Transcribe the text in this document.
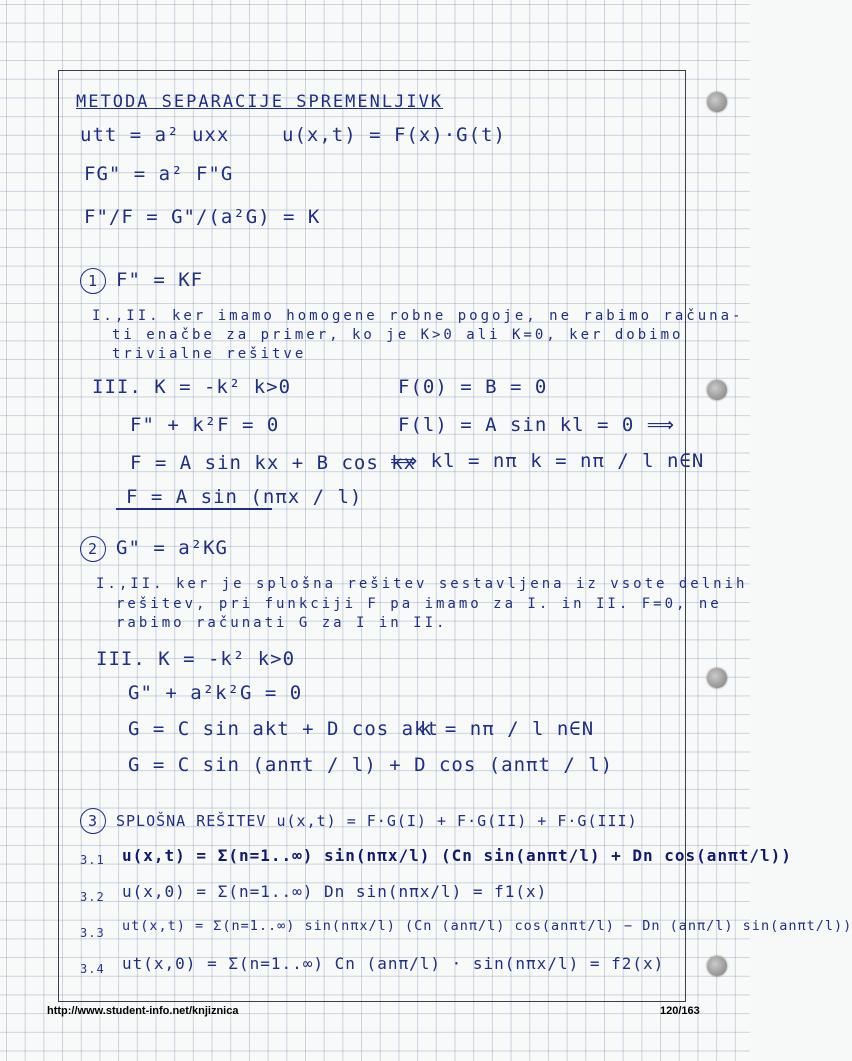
METODA SEPARACIJE SPREMENLJIVK
utt = a² uxx	u(x,t) = F(x)·G(t)
FG" = a² F"G
F"/F = G"/(a²G) = K
1 F" = KF
I.,II. ker imamo homogene robne pogoje, ne rabimo računa-
ti enačbe za primer, ko je K>0 ali K=0, ker dobimo
trivialne rešitve
III. K = -k² k>0
F" + k²F = 0
F = A sin kx + B cos kx
F = A sin (nπx / l)
F(0) = B = 0
F(l) = A sin kl = 0 ⟹
⟹ kl = nπ k = nπ / l n∈N
2 G" = a²KG
I.,II. ker je splošna rešitev sestavljena iz vsote delnih
rešitev, pri funkciji F pa imamo za I. in II. F=0, ne
rabimo računati G za I in II.
III. K = -k² k>0
G" + a²k²G = 0
G = C sin akt + D cos akt
k = nπ / l n∈N
G = C sin (anπt / l) + D cos (anπt / l)
3 SPLOŠNA REŠITEV u(x,t) = F·G(I) + F·G(II) + F·G(III)
3.1 u(x,t) = Σ(n=1..∞) sin(nπx/l) (Cn sin(anπt/l) + Dn cos(anπt/l))
3.2 u(x,0) = Σ(n=1..∞) Dn sin(nπx/l) = f1(x)
3.3 ut(x,t) = Σ(n=1..∞) sin(nπx/l) (Cn (anπ/l) cos(anπt/l) − Dn (anπ/l) sin(anπt/l))
3.4 ut(x,0) = Σ(n=1..∞) Cn (anπ/l) · sin(nπx/l) = f2(x)
http://www.student-info.net/knjiznica	120/163
